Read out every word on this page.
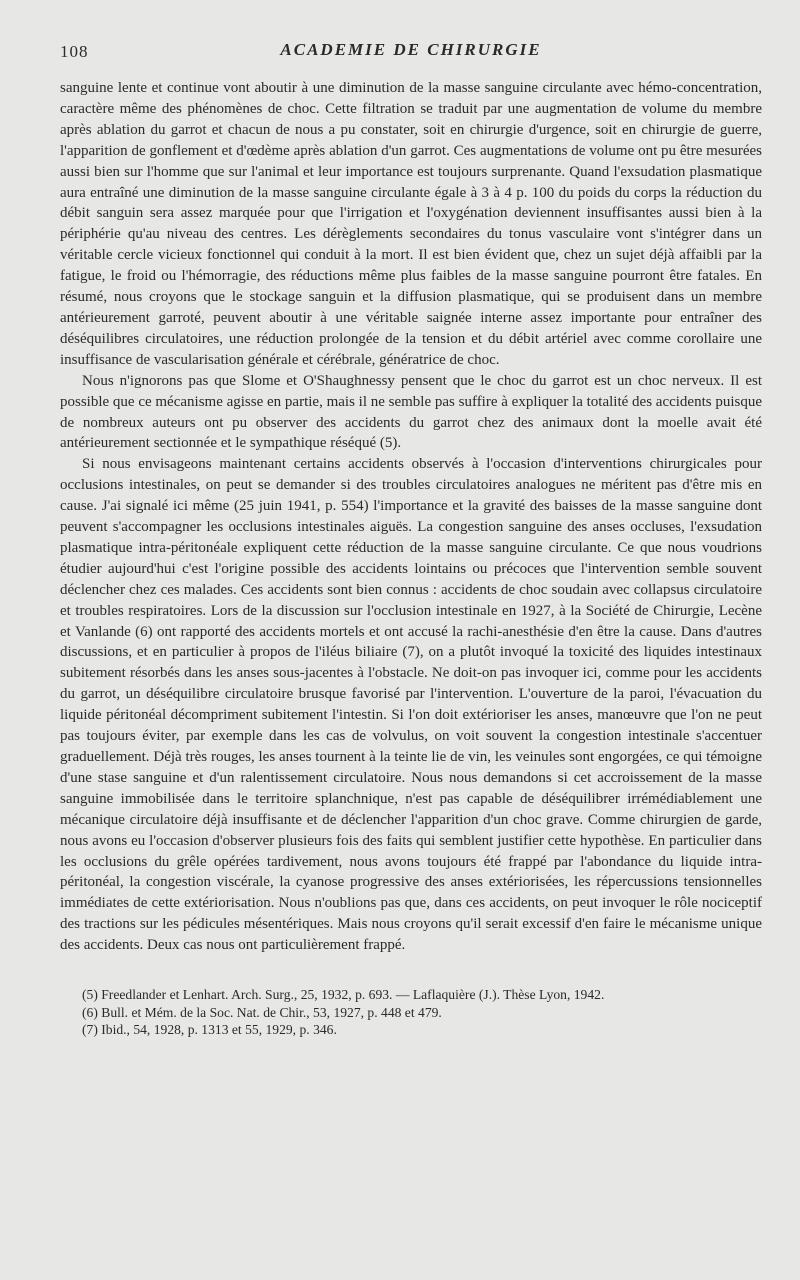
108	ACADEMIE DE CHIRURGIE

sanguine lente et continue vont aboutir à une diminution de la masse sanguine circulante avec hémo-concentration, caractère même des phénomènes de choc. Cette filtration se traduit par une augmentation de volume du membre après ablation du garrot et chacun de nous a pu constater, soit en chirurgie d'urgence, soit en chirurgie de guerre, l'apparition de gonflement et d'œdème après ablation d'un garrot. Ces augmentations de volume ont pu être mesurées aussi bien sur l'homme que sur l'animal et leur importance est toujours surprenante. Quand l'exsudation plasmatique aura entraîné une diminution de la masse sanguine circulante égale à 3 à 4 p. 100 du poids du corps la réduction du débit sanguin sera assez marquée pour que l'irrigation et l'oxygénation deviennent insuffisantes aussi bien à la périphérie qu'au niveau des centres. Les dérèglements secondaires du tonus vasculaire vont s'intégrer dans un véritable cercle vicieux fonctionnel qui conduit à la mort. Il est bien évident que, chez un sujet déjà affaibli par la fatigue, le froid ou l'hémorragie, des réductions même plus faibles de la masse sanguine pourront être fatales. En résumé, nous croyons que le stockage sanguin et la diffusion plasmatique, qui se produisent dans un membre antérieurement garroté, peuvent aboutir à une véritable saignée interne assez importante pour entraîner des déséquilibres circulatoires, une réduction prolongée de la tension et du débit artériel avec comme corollaire une insuffisance de vascularisation générale et cérébrale, génératrice de choc.

Nous n'ignorons pas que Slome et O'Shaughnessy pensent que le choc du garrot est un choc nerveux. Il est possible que ce mécanisme agisse en partie, mais il ne semble pas suffire à expliquer la totalité des accidents puisque de nombreux auteurs ont pu observer des accidents du garrot chez des animaux dont la moelle avait été antérieurement sectionnée et le sympathique réséqué (5).

Si nous envisageons maintenant certains accidents observés à l'occasion d'interventions chirurgicales pour occlusions intestinales, on peut se demander si des troubles circulatoires analogues ne méritent pas d'être mis en cause. J'ai signalé ici même (25 juin 1941, p. 554) l'importance et la gravité des baisses de la masse sanguine dont peuvent s'accompagner les occlusions intestinales aiguës. La congestion sanguine des anses occluses, l'exsudation plasmatique intra-péritonéale expliquent cette réduction de la masse sanguine circulante. Ce que nous voudrions étudier aujourd'hui c'est l'origine possible des accidents lointains ou précoces que l'intervention semble souvent déclencher chez ces malades. Ces accidents sont bien connus : accidents de choc soudain avec collapsus circulatoire et troubles respiratoires. Lors de la discussion sur l'occlusion intestinale en 1927, à la Société de Chirurgie, Lecène et Vanlande (6) ont rapporté des accidents mortels et ont accusé la rachi-anesthésie d'en être la cause. Dans d'autres discussions, et en particulier à propos de l'iléus biliaire (7), on a plutôt invoqué la toxicité des liquides intestinaux subitement résorbés dans les anses sous-jacentes à l'obstacle. Ne doit-on pas invoquer ici, comme pour les accidents du garrot, un déséquilibre circulatoire brusque favorisé par l'intervention. L'ouverture de la paroi, l'évacuation du liquide péritonéal décompriment subitement l'intestin. Si l'on doit extérioriser les anses, manœuvre que l'on ne peut pas toujours éviter, par exemple dans les cas de volvulus, on voit souvent la congestion intestinale s'accentuer graduellement. Déjà très rouges, les anses tournent à la teinte lie de vin, les veinules sont engorgées, ce qui témoigne d'une stase sanguine et d'un ralentissement circulatoire. Nous nous demandons si cet accroissement de la masse sanguine immobilisée dans le territoire splanchnique, n'est pas capable de déséquilibrer irrémédiablement une mécanique circulatoire déjà insuffisante et de déclencher l'apparition d'un choc grave. Comme chirurgien de garde, nous avons eu l'occasion d'observer plusieurs fois des faits qui semblent justifier cette hypothèse. En particulier dans les occlusions du grêle opérées tardivement, nous avons toujours été frappé par l'abondance du liquide intra-péritonéal, la congestion viscérale, la cyanose progressive des anses extériorisées, les répercussions tensionnelles immédiates de cette extériorisation. Nous n'oublions pas que, dans ces accidents, on peut invoquer le rôle nociceptif des tractions sur les pédicules mésentériques. Mais nous croyons qu'il serait excessif d'en faire le mécanisme unique des accidents. Deux cas nous ont particulièrement frappé.

(5) Freedlander et Lenhart. Arch. Surg., 25, 1932, p. 693. — Laflaquière (J.). Thèse Lyon, 1942.

(6) Bull. et Mém. de la Soc. Nat. de Chir., 53, 1927, p. 448 et 479.

(7) Ibid., 54, 1928, p. 1313 et 55, 1929, p. 346.
